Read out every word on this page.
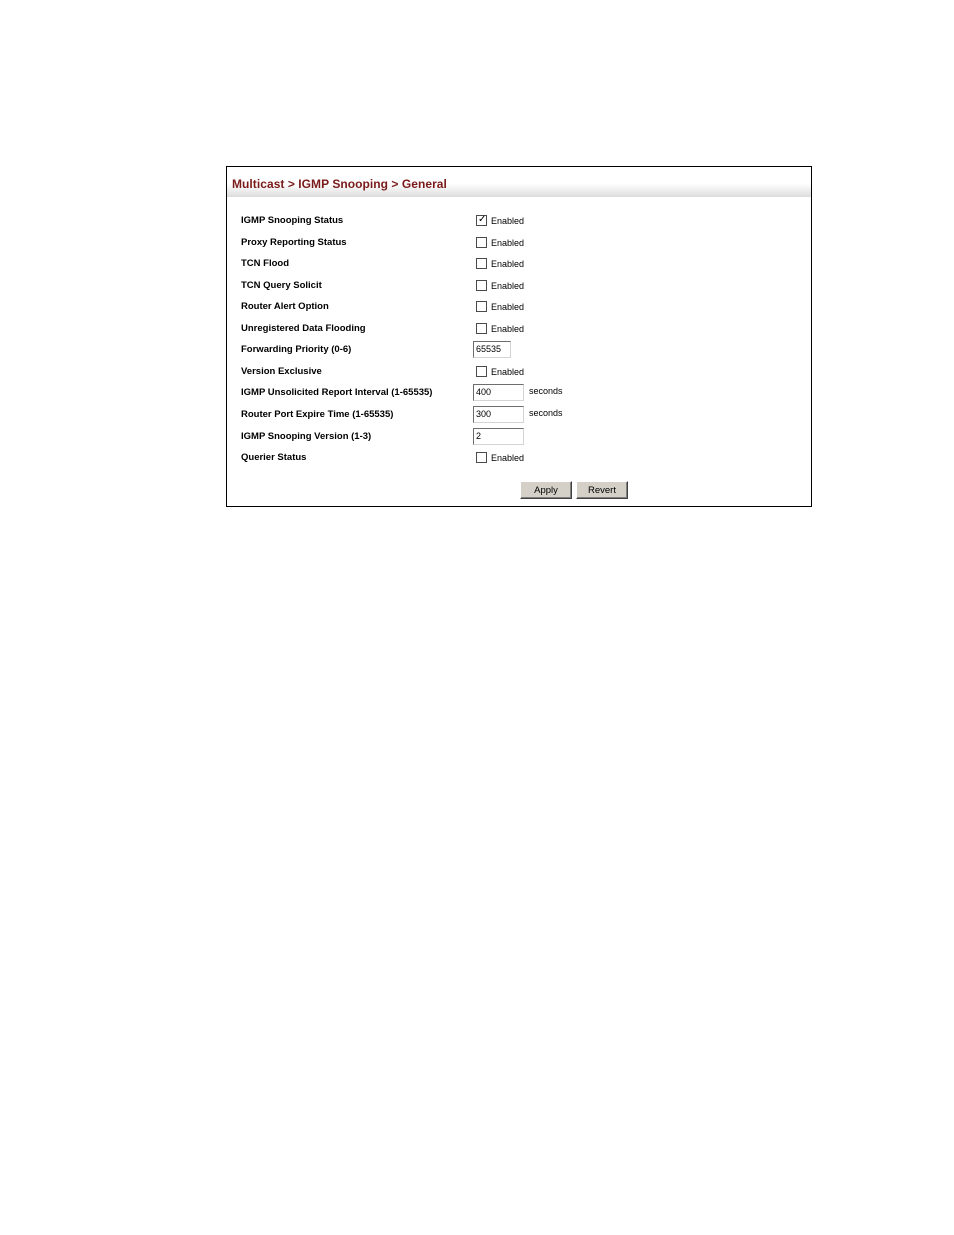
Multicast > IGMP Snooping > General
IGMP Snooping Status	✓ Enabled
Proxy Reporting Status	Enabled
TCN Flood	Enabled
TCN Query Solicit	Enabled
Router Alert Option	Enabled
Unregistered Data Flooding	Enabled
Forwarding Priority (0-6)	65535
Version Exclusive	Enabled
IGMP Unsolicited Report Interval (1-65535)	400	seconds
Router Port Expire Time (1-65535)	300	seconds
IGMP Snooping Version (1-3)	2
Querier Status	Enabled
Apply	Revert
